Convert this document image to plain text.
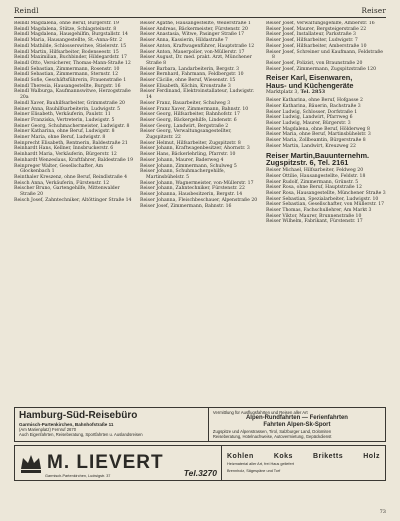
Reindl	Reiser
Reindl Magdalena, ohne Beruf, Bürgerstr. 19
Reindl Magdalena, Stütze, Schlagsteinstr. 8
Reindl Magdalena, Hausgehilfin, Burgstallstr. 14
Reindl Maria, Hausangestellte, St.-Anna-Str. 2
Reindl Mathilde, Schlosserswitwe, Stielerstr. 15
Reindl Martin, Hilfsarbeiter, Bodenseestr. 15
Reindl Maximilian, Buchbinder, Hildegardstr. 17
Reindl Otto, Versicherer, Thomas-Mann-Straße 12
Reindl Sebastian, Zimmermann, Rosenstr. 10
Reindl Sebastian, Zimmermann, Sternstr. 12
Reindl Sofie, Geschäftsführerin, Frauenstraße 1
Reindl Theresia, Hausangestellte, Burgstr. 16
Reindl Walburga, Kaufmannswitwe, Herzogstraße 20a
Reindl Xaver, Bauhilfsarbeiter, Grimmstraße 20
Reiner Anna, Bauhilfsarbeiterin, Ludwigstr. 5
Reiner Elisabeth, Verkäuferin, Paulstr. 11
Reiner Franziska, Vertreterin, Ludwigstr. 5
Reiner Georg, Schuhmachermeister, Ludwigstr. 8
Reiner Katharina, ohne Beruf, Ludwigstr. 8
Reiner Maria, ohne Beruf, Ludwigstr. 8
Reinprecht Elisabeth, Rentnerin, Baldestraße 21
Reinhardt Hans, Kellner, Innsbruckerstr. 6
Reinhardt Maria, Verkäuferin, Bürgerstr. 12
Reinhardt Wenzeslaus, Kraftfahrer, Baldestraße 19
Reinpreger Walter, Gesellschafter, Am Glockenbach 1
Reinthaler Kreszenz, ohne Beruf, Reindlstraße 4
Reisch Anna, Verkäuferin, Fürstenstr. 12
Reischer Bruno, Gartengehilfe, Mittenwalder Straße 20
Reisch Josef, Zahntechniker, Altöttinger Straße 14
Reiser Agathe, Hausangestellte, Weilerstraße 1
Reiser Andreas, Bäckermeister, Fürstenstr. 20
Reiser Anastasia, Witwe, Pasinger Straße 17
Reiser Anna, Kassierin, Hildastraße 7
Reiser Anton, Kraftwagenführer, Hauptstraße 12
Reiser Anton, Mauerpolier, von-Müllerstr. 17
Reiser August, Dr. med. prakt. Arzt, Münchener Straße 8
Reiser Barbara, Landarbeiterin, Bergstr. 3
Reiser Bernhard, Fahrmann, Feldbergstr. 10
Reiser Cäcilie, ohne Beruf, Wiesenstr. 15
Reiser Elisabeth, Köchin, Kronstraße 3
Reiser Ferdinand, Elektroinstallateur, Ludwigstr. 14
Reiser Franz, Bauarbeiter, Schulweg 3
Reiser Franz Xaver, Zimmermann, Bahnstr. 10
Reiser Georg, Hilfsarbeiter, Bahnhofstr. 17
Reiser Georg, Bäckergehilfe, Lindenstr. 6
Reiser Georg, Landwirt, Bergstraße 2
Reiser Georg, Verwaltungsangestellter, Zugspitzstr. 22
Reiser Helmut, Hilfsarbeiter, Zugspitzstr. 8
Reiser Johann, Kraftwagenbesitzer, Ahornstr. 3
Reiser Hans, Bäckerlehrling, Pfarrstr. 10
Reiser Johann, Maurer, Baderweg 4
Reiser Johann, Zimmermann, Schulweg 5
Reiser Johann, Schuhmachergehilfe, Martinsbühelstr. 5
Reiser Johann, Wagnermeister, von-Müllerstr. 17
Reiser Johann, Zahntechniker, Fürstenstr. 22
Reiser Johanna, Hausbesitzerin, Bergstr. 14
Reiser Johanna, Fleischbeschauer, Alpenstraße 20
Reiser Josef, Zimmermann, Bahnstr. 16
Reiser Josef, Verwaltungsgehilfe, Amberstr. 16
Reiser Josef, Maurer, Bergsteigerstraße 22
Reiser Josef, Installateur, Parkstraße 3
Reiser Josef, Hilfsarbeiter, Ludwigstr. 7
Reiser Josef, Hilfsarbeiter, Amberstraße 10
Reiser Josef, Schreiner und Kaufmann, Feldstraße 8
Reiser Josef, Polizist, von Braunstraße 20
Reiser Josef, Zimmermann, Zugspitzstraße 120
Reiser Karl, Eisenwaren,
Haus- und Küchengeräte
Marktplatz 3, Tel. 2853
Reiser Katharina, ohne Beruf, Hofgasse 2
Reiser Katharina, Bäuerin, Bachstraße 3
Reiser Ludwig, Schlosser, Dorfstraße 1
Reiser Ludwig, Landwirt, Pfarrweg 6
Reiser Ludwig, Maurer, Bürgerstr. 3
Reiser Magdalena, ohne Beruf, Hölderweg 8
Reiser Maria, ohne Beruf, Martinsbühelstr. 3
Reiser Maria, Zollbeamtin, Bürgerstraße 8
Reiser Martin, Landwirt, Kreuzweg 22
Reiser Martin,Bauunternehm.
Zugspitzstr. 6, Tel. 2161
Reiser Michael, Hilfsarbeiter, Feldweg 20
Reiser Ottilie, Hausangestellte, Feldstr. 18
Reiser Rudolf, Zimmermann, Grünstr. 5
Reiser Rosa, ohne Beruf, Hauptstraße 12
Reiser Rosa, Hausangestellte, Münchener Straße 3
Reiser Sebastian, Spezialarbeiter, Ludwigstr. 10
Reiser Sebastian, Gesellschafter, von Müllerstr. 17
Reiser Thomas, Fachschullehrer, Am Markt 3
Reiser Viktor, Maurer, Brunnenstraße 10
Reiser Wilhelm, Fabrikant, Fürstenstr. 17
Hamburg-Süd-Reisebüro
Garmisch-Partenkirchen, Bahnhofstraße 11
(Am Marienplatz) Fernruf 2670
Auch Eigenfahrten, Reiseberatung, Sportfahrten u. Auslandsreisen
Vermittlung für Ausflugsfahrten und Reisen aller Art
Alpen-Rundfahrten — Ferienfahrten
Fahrten Alpen-Sk-Sport
Zugspitze und Alpenstrassen, Tirol, Salzburger Land, Dolomiten
Reiseberatung, Hotelnachweise, Autovermietung, Gepäckdienst
M. LIEVERT
Garmisch-Partenkirchen, Ludwigstr. 37	Tel.3270
Kohlen	Koks	Briketts	Holz
Heizmaterial aller Art, frei Haus geliefert
Brennholz, Sägespäne und Torf
73
